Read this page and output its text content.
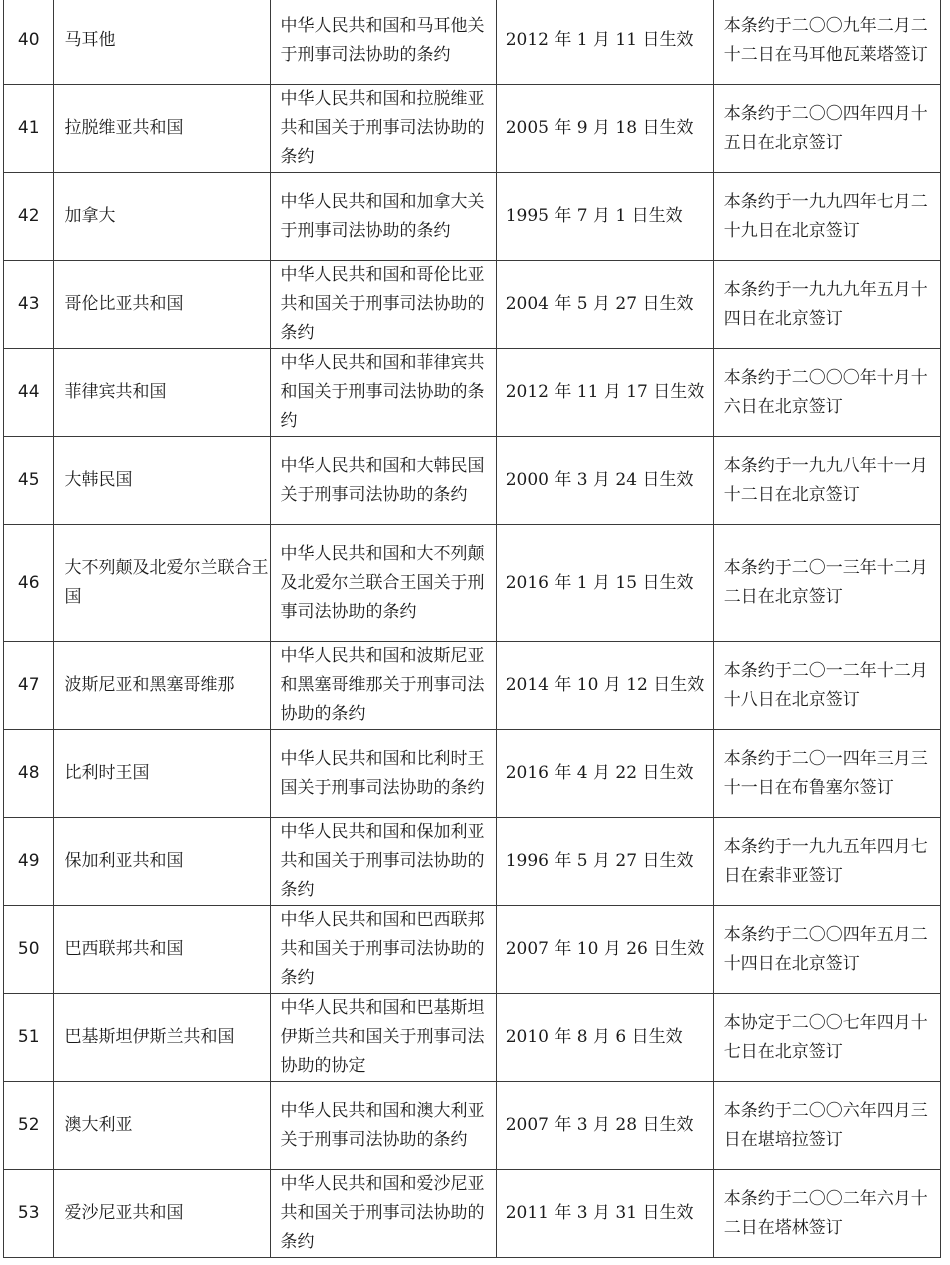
40	马耳他	中华人民共和国和马耳他关于刑事司法协助的条约	2012 年 1 月 11 日生效	本条约于二〇〇九年二月二十二日在马耳他瓦莱塔签订
41	拉脱维亚共和国	中华人民共和国和拉脱维亚共和国关于刑事司法协助的条约	2005 年 9 月 18 日生效	本条约于二〇〇四年四月十五日在北京签订
42	加拿大	中华人民共和国和加拿大关于刑事司法协助的条约	1995 年 7 月 1 日生效	本条约于一九九四年七月二十九日在北京签订
43	哥伦比亚共和国	中华人民共和国和哥伦比亚共和国关于刑事司法协助的条约	2004 年 5 月 27 日生效	本条约于一九九九年五月十四日在北京签订
44	菲律宾共和国	中华人民共和国和菲律宾共和国关于刑事司法协助的条约	2012 年 11 月 17 日生效	本条约于二〇〇〇年十月十六日在北京签订
45	大韩民国	中华人民共和国和大韩民国关于刑事司法协助的条约	2000 年 3 月 24 日生效	本条约于一九九八年十一月十二日在北京签订
46	大不列颠及北爱尔兰联合王国	中华人民共和国和大不列颠及北爱尔兰联合王国关于刑事司法协助的条约	2016 年 1 月 15 日生效	本条约于二〇一三年十二月二日在北京签订
47	波斯尼亚和黑塞哥维那	中华人民共和国和波斯尼亚和黑塞哥维那关于刑事司法协助的条约	2014 年 10 月 12 日生效	本条约于二〇一二年十二月十八日在北京签订
48	比利时王国	中华人民共和国和比利时王国关于刑事司法协助的条约	2016 年 4 月 22 日生效	本条约于二〇一四年三月三十一日在布鲁塞尔签订
49	保加利亚共和国	中华人民共和国和保加利亚共和国关于刑事司法协助的条约	1996 年 5 月 27 日生效	本条约于一九九五年四月七日在索非亚签订
50	巴西联邦共和国	中华人民共和国和巴西联邦共和国关于刑事司法协助的条约	2007 年 10 月 26 日生效	本条约于二〇〇四年五月二十四日在北京签订
51	巴基斯坦伊斯兰共和国	中华人民共和国和巴基斯坦伊斯兰共和国关于刑事司法协助的协定	2010 年 8 月 6 日生效	本协定于二〇〇七年四月十七日在北京签订
52	澳大利亚	中华人民共和国和澳大利亚关于刑事司法协助的条约	2007 年 3 月 28 日生效	本条约于二〇〇六年四月三日在堪培拉签订
53	爱沙尼亚共和国	中华人民共和国和爱沙尼亚共和国关于刑事司法协助的条约	2011 年 3 月 31 日生效	本条约于二〇〇二年六月十二日在塔林签订
